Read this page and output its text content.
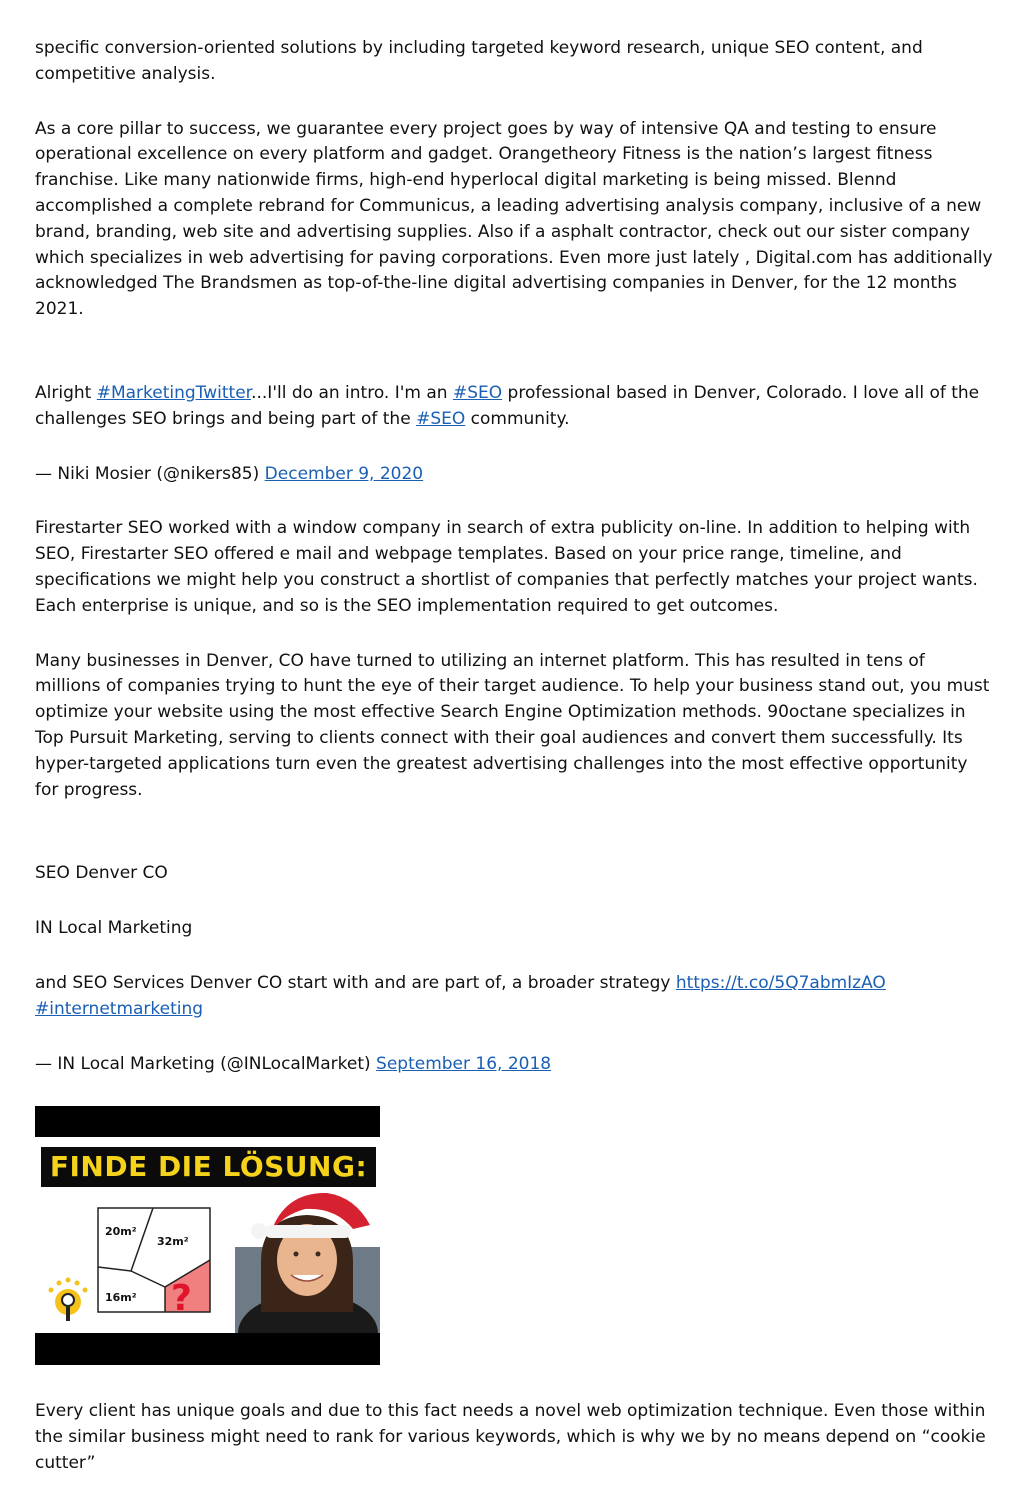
specific conversion-oriented solutions by including targeted keyword research, unique SEO content, and competitive analysis.

As a core pillar to success, we guarantee every project goes by way of intensive QA and testing to ensure operational excellence on every platform and gadget. Orangetheory Fitness is the nation’s largest fitness franchise. Like many nationwide firms, high-end hyperlocal digital marketing is being missed. Blennd accomplished a complete rebrand for Communicus, a leading advertising analysis company, inclusive of a new brand, branding, web site and advertising supplies. Also if a asphalt contractor, check out our sister company which specializes in web advertising for paving corporations. Even more just lately , Digital.com has additionally acknowledged The Brandsmen as top-of-the-line digital advertising companies in Denver, for the 12 months 2021.

Alright #MarketingTwitter...I'll do an intro. I'm an #SEO professional based in Denver, Colorado. I love all of the challenges SEO brings and being part of the #SEO community.

— Niki Mosier (@nikers85) December 9, 2020

Firestarter SEO worked with a window company in search of extra publicity on-line. In addition to helping with SEO, Firestarter SEO offered e mail and webpage templates. Based on your price range, timeline, and specifications we might help you construct a shortlist of companies that perfectly matches your project wants. Each enterprise is unique, and so is the SEO implementation required to get outcomes.

Many businesses in Denver, CO have turned to utilizing an internet platform. This has resulted in tens of millions of companies trying to hunt the eye of their target audience. To help your business stand out, you must optimize your website using the most effective Search Engine Optimization methods. 90octane specializes in Top Pursuit Marketing, serving to clients connect with their goal audiences and convert them successfully. Its hyper-targeted applications turn even the greatest advertising challenges into the most effective opportunity for progress.

SEO Denver CO

IN Local Marketing

and SEO Services Denver CO start with and are part of, a broader strategy https://t.co/5Q7abmIzAO
#internetmarketing

— IN Local Marketing (@INLocalMarket) September 16, 2018

FINDE DIE LÖSUNG:
20m²
32m²
16m² ?

Every client has unique goals and due to this fact needs a novel web optimization technique. Even those within the similar business might need to rank for various keywords, which is why we by no means depend on “cookie cutter”
